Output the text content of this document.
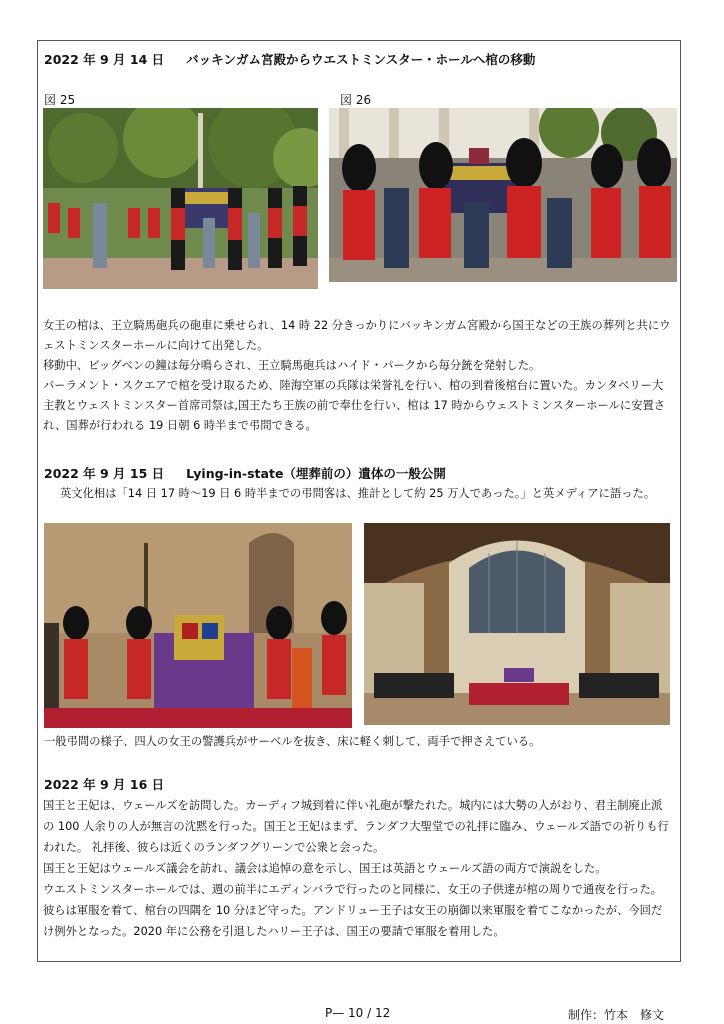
2022 年 9 月 14 日 バッキンガム宮殿からウエストミンスター・ホールへ棺の移動
図 25	図 26

女王の棺は、王立騎馬砲兵の砲車に乗せられ、14 時 22 分きっかりにバッキンガム宮殿から国王などの王族の葬列と共にウェストミンスターホールに向けて出発した。

移動中、ビッグベンの鐘は毎分鳴らされ、王立騎馬砲兵はハイド・パークから毎分銃を発射した。

パーラメント・スクエアで棺を受け取るため、陸海空軍の兵隊は栄誉礼を行い、棺の到着後棺台に置いた。カンタベリー大主教とウェストミンスター首席司祭は,国王たち王族の前で奉仕を行い、棺は 17 時からウェストミンスターホールに安置され、国葬が行われる 19 日朝 6 時半まで弔問できる。

2022 年 9 月 15 日 Lying-in-state（埋葬前の）遺体の一般公開
英文化相は「14 日 17 時〜19 日 6 時半までの弔問客は、推計として約 25 万人であった。」と英メディアに語った。
一般弔問の様子、四人の女王の警護兵がサーベルを抜き、床に軽く刺して、両手で押さえている。
2022 年 9 月 16 日

国王と王妃は、ウェールズを訪問した。カーディフ城到着に伴い礼砲が撃たれた。城内には大勢の人がおり、君主制廃止派の 100 人余りの人が無言の沈黙を行った。国王と王妃はまず、ランダフ大聖堂での礼拝に臨み、ウェールズ語での祈りも行われた。 礼拝後、彼らは近くのランダフグリーンで公衆と会った。

国王と王妃はウェールズ議会を訪れ、議会は追悼の意を示し、国王は英語とウェールズ語の両方で演説をした。

ウエストミンスターホールでは、週の前半にエディンバラで行ったのと同様に、女王の子供達が棺の周りで通夜を行った。

彼らは軍服を着て、棺台の四隅を 10 分ほど守った。アンドリュー王子は女王の崩御以来軍服を着てこなかったが、今回だけ例外となった。2020 年に公務を引退したハリー王子は、国王の要請で軍服を着用した。

P— 10 / 12	制作：竹本　修文
